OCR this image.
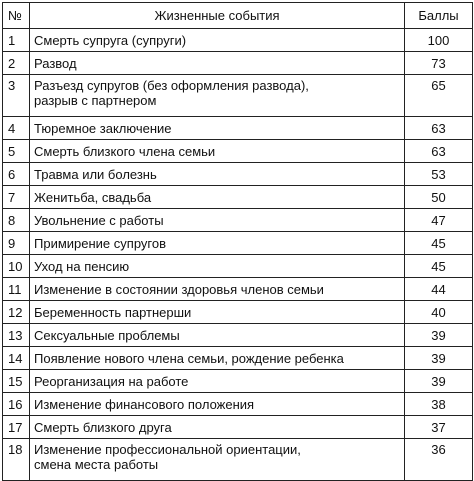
№	Жизненные события	Баллы
1	Смерть супруга (супруги)	100
2	Развод	73
3	Разъезд супругов (без оформления развода),
разрыв с партнером	65
4	Тюремное заключение	63
5	Смерть близкого члена семьи	63
6	Травма или болезнь	53
7	Женитьба, свадьба	50
8	Увольнение с работы	47
9	Примирение супругов	45
10	Уход на пенсию	45
11	Изменение в состоянии здоровья членов семьи	44
12	Беременность партнерши	40
13	Сексуальные проблемы	39
14	Появление нового члена семьи, рождение ребенка	39
15	Реорганизация на работе	39
16	Изменение финансового положения	38
17	Смерть близкого друга	37
18	Изменение профессиональной ориентации,
смена места работы	36
